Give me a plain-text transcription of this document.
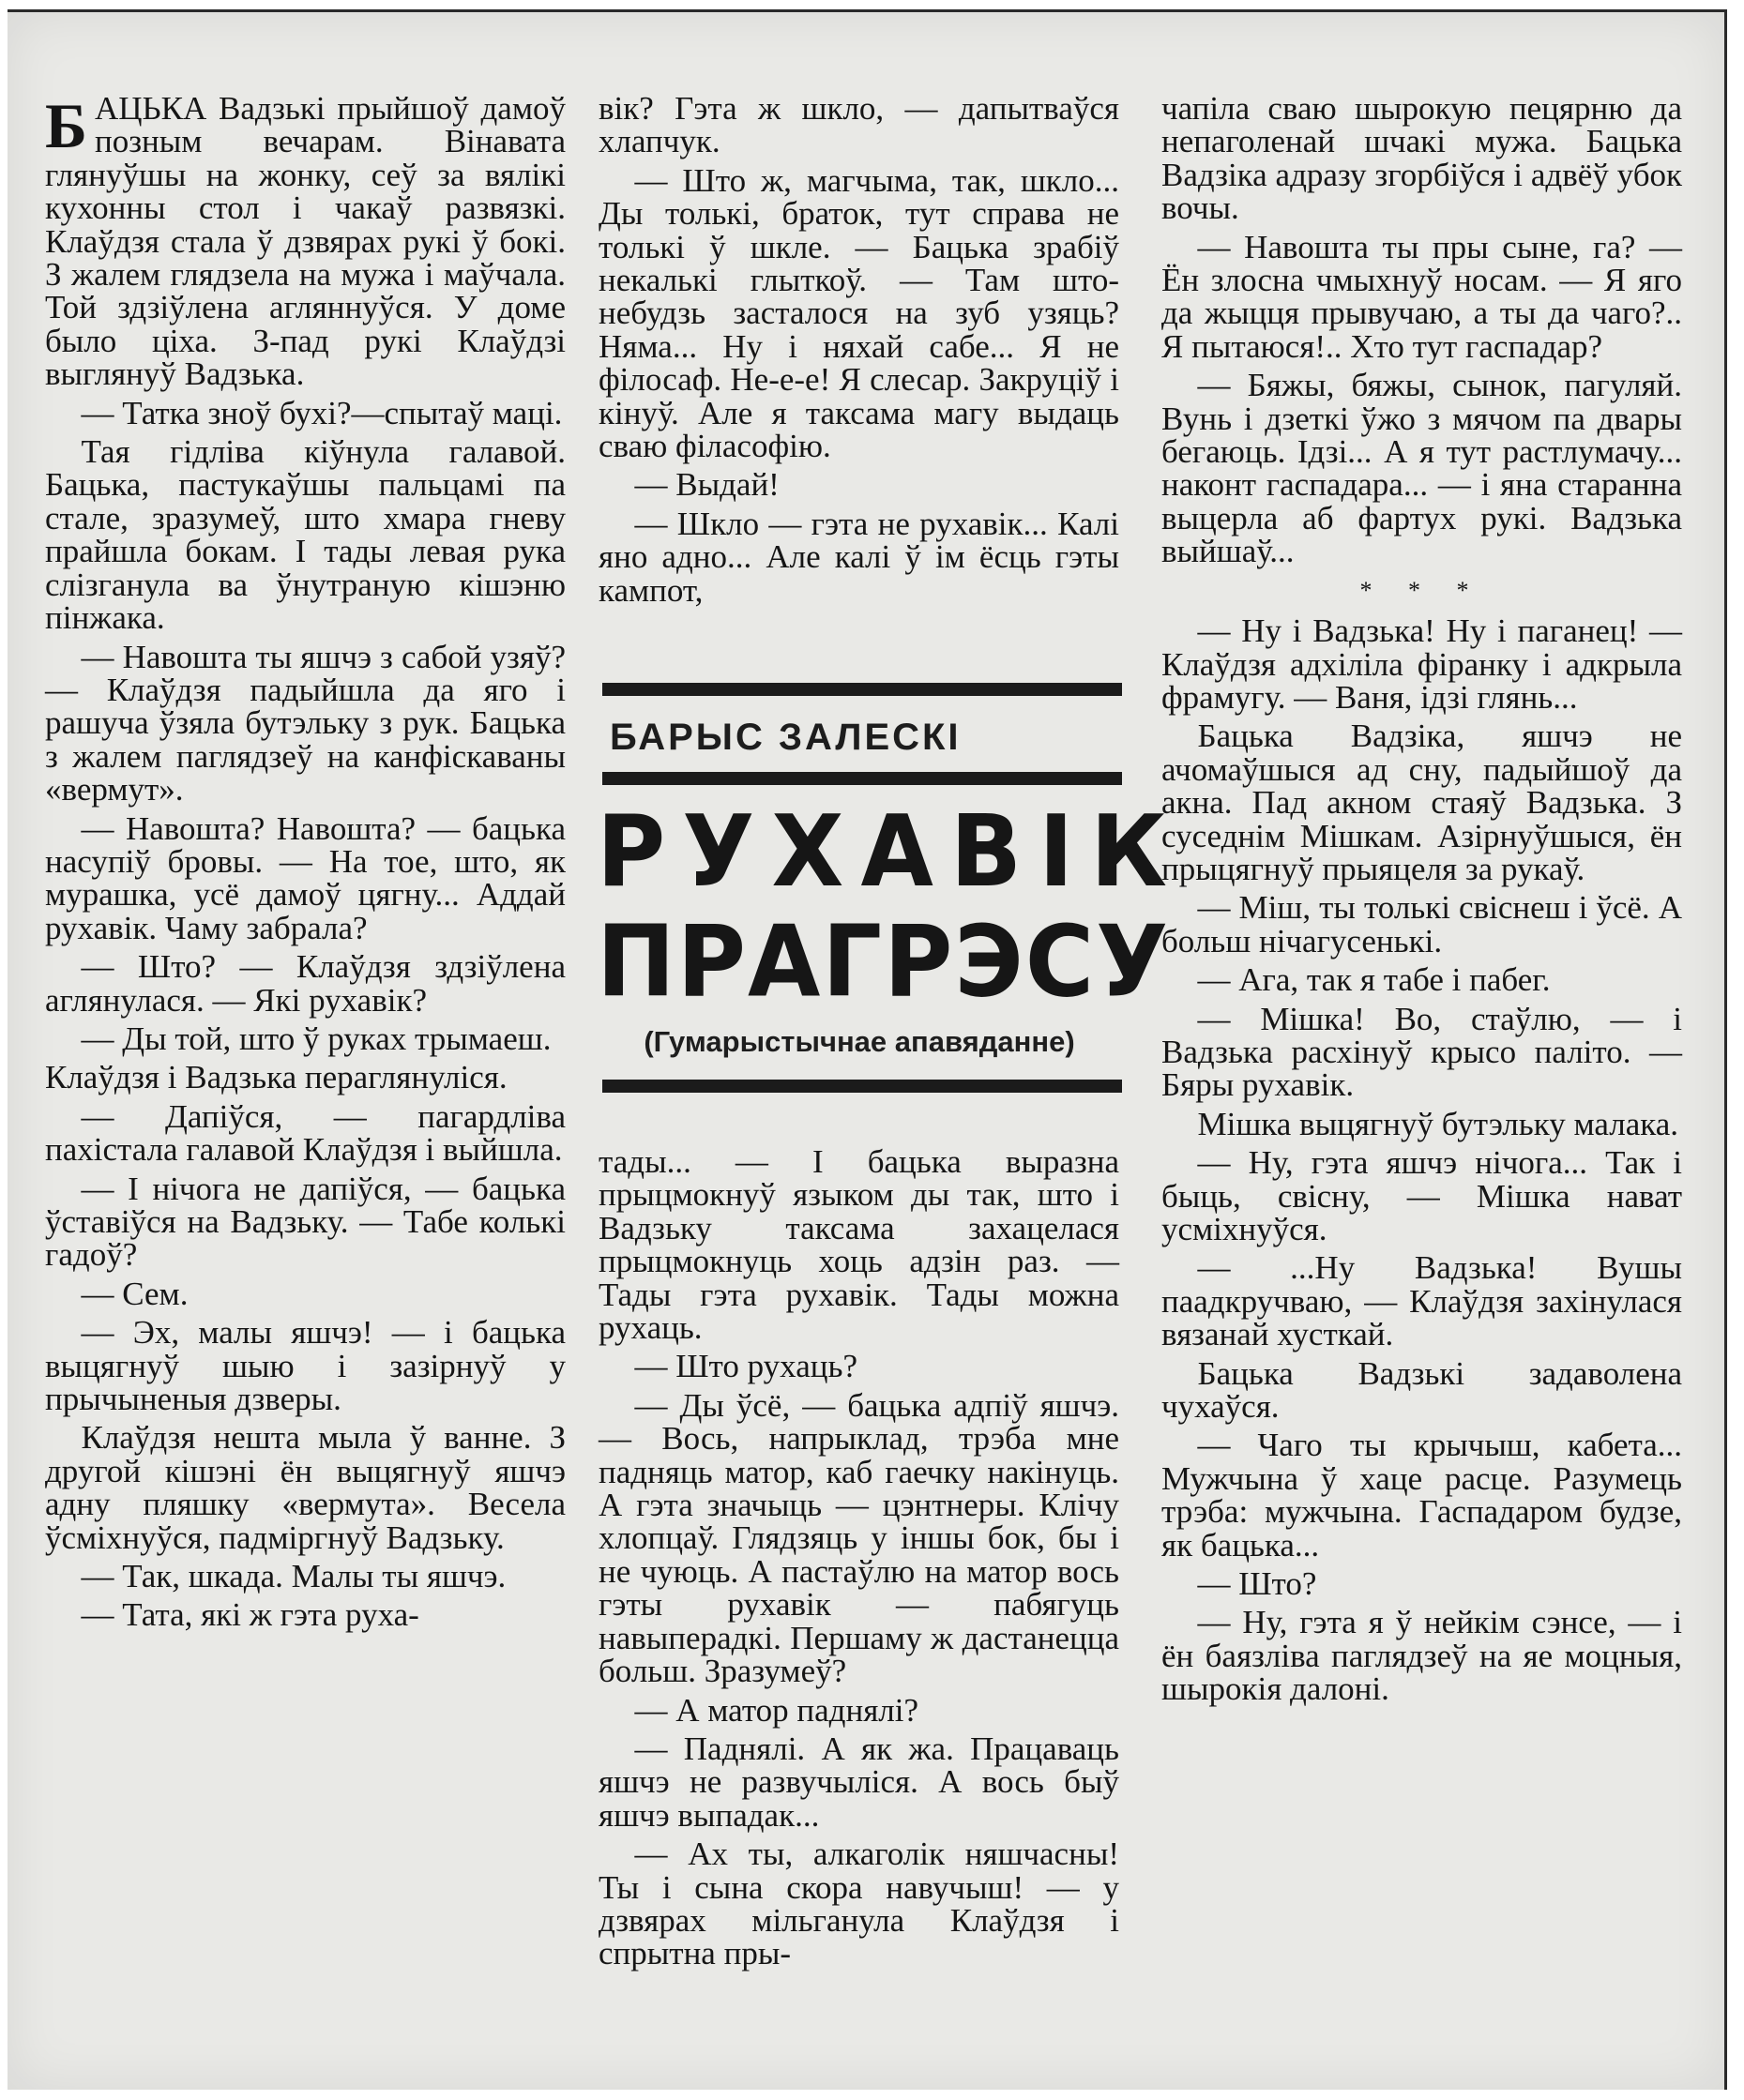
БАЦЬКА Вадзькі прыйшоў дамоў позным вечарам. Вінавата глянуўшы на жонку, сеў за вялікі кухонны стол і чакаў развязкі. Клаўдзя стала ў дзвярах рукі ў бокі. З жалем глядзела на мужа і маўчала. Той здзіўлена агляннуўся. У доме было ціха. З-пад рукі Клаўдзі выглянуў Вадзька.

— Татка зноў бухі?—спытаў маці.

Тая гідліва кіўнула галавой. Бацька, пастукаўшы пальцамі па стале, зразумеў, што хмара гневу прайшла бокам. І тады левая рука слізганула ва ўнутраную кішэню пінжака.

— Навошта ты яшчэ з сабой узяў? — Клаўдзя падыйшла да яго і рашуча ўзяла бутэльку з рук. Бацька з жалем паглядзеў на канфіскаваны «вермут».

— Навошта? Навошта? — бацька насупіў бровы. — На тое, што, як мурашка, усё дамоў цягну... Аддай рухавік. Чаму забрала?

— Што? — Клаўдзя здзіўлена аглянулася. — Які рухавік?

— Ды той, што ў руках трымаеш.

Клаўдзя і Вадзька пераглянуліся.

— Дапіўся, — пагардліва пахістала галавой Клаўдзя і выйшла.

— І нічога не дапіўся, — бацька ўставіўся на Вадзьку. — Табе колькі гадоў?

— Сем.

— Эх, малы яшчэ! — і бацька выцягнуў шыю і зазірнуў у прычыненыя дзверы.

Клаўдзя нешта мыла ў ванне. З другой кішэні ён выцягнуў яшчэ адну пляшку «вермута». Весела ўсміхнуўся, падміргнуў Вадзьку.

— Так, шкада. Малы ты яшчэ.

— Тата, які ж гэта руха-

вік? Гэта ж шкло, — дапытваўся хлапчук.

— Што ж, магчыма, так, шкло... Ды толькі, браток, тут справа не толькі ў шкле. — Бацька зрабіў некалькі глыткоў. — Там што-небудзь засталося на зуб узяць? Няма... Ну і няхай сабе... Я не філосаф. Не-е-е! Я слесар. Закруціў і кінуў. Але я таксама магу выдаць сваю філасофію.

— Выдай!

— Шкло — гэта не рухавік... Калі яно адно... Але калі ў ім ёсць гэты кампот,

БАРЫС ЗАЛЕСКІ
РУХАВІК
ПРАГРЭСУ
(Гумарыстычнае апавяданне)

тады... — І бацька выразна прыцмокнуў языком ды так, што і Вадзьку таксама захацелася прыцмокнуць хоць адзін раз. — Тады гэта рухавік. Тады можна рухаць.

— Што рухаць?

— Ды ўсё, — бацька адпіў яшчэ. — Вось, напрыклад, трэба мне падняць матор, каб гаечку накінуць. А гэта значыць — цэнтнеры. Клічу хлопцаў. Глядзяць у іншы бок, бы і не чуюць. А пастаўлю на матор вось гэты рухавік — пабягуць навыперадкі. Першаму ж дастанецца больш. Зразумеў?

— А матор паднялі?

— Паднялі. А як жа. Працаваць яшчэ не развучыліся. А вось быў яшчэ выпадак...

— Ах ты, алкаголік няшчасны! Ты і сына скора навучыш! — у дзвярах мільганула Клаўдзя і спрытна пры-

чапіла сваю шырокую пецярню да непаголенай шчакі мужа. Бацька Вадзіка адразу згорбіўся і адвёў убок вочы.

— Навошта ты пры сыне, га? — Ён злосна чмыхнуў носам. — Я яго да жыцця прывучаю, а ты да чаго?.. Я пытаюся!.. Хто тут гаспадар?

— Бяжы, бяжы, сынок, пагуляй. Вунь і дзеткі ўжо з мячом па двары бегаюць. Ідзі... А я тут растлумачу... наконт гаспадара... — і яна старанна выцерла аб фартух рукі. Вадзька выйшаў...

* * *

— Ну і Вадзька! Ну і паганец! — Клаўдзя адхіліла фіранку і адкрыла фрамугу. — Ваня, ідзі глянь...

Бацька Вадзіка, яшчэ не ачомаўшыся ад сну, падыйшоў да акна. Пад акном стаяў Вадзька. З суседнім Мішкам. Азірнуўшыся, ён прыцягнуў прыяцеля за рукаў.

— Міш, ты толькі свіснеш і ўсё. А больш нічагусенькі.

— Ага, так я табе і пабег.

— Мішка! Во, стаўлю, — і Вадзька расхінуў крысо паліто. — Бяры рухавік.

Мішка выцягнуў бутэльку малака.

— Ну, гэта яшчэ нічога... Так і быць, свісну, — Мішка нават усміхнуўся.

— ...Ну Вадзька! Вушы паадкручваю, — Клаўдзя захінулася вязанай хусткай.

Бацька Вадзькі задаволена чухаўся.

— Чаго ты крычыш, кабета... Мужчына ў хаце расце. Разумець трэба: мужчына. Гаспадаром будзе, як бацька...

— Што?

— Ну, гэта я ў нейкім сэнсе, — і ён баязліва паглядзеў на яе моцныя, шырокія далоні.
